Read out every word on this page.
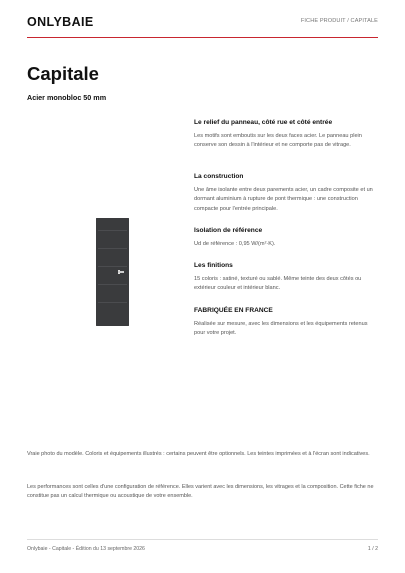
ONLYBAIE	FICHE PRODUIT / CAPITALE
Capitale
Acier monobloc 50 mm

Le relief du panneau, côté rue et côté entrée

Les motifs sont emboutis sur les deux faces acier. Le panneau plein conserve son dessin à l'intérieur et ne comporte pas de vitrage.

La construction

Une âme isolante entre deux parements acier, un cadre composite et un dormant aluminium à rupture de pont thermique : une construction compacte pour l'entrée principale.

Isolation de référence

Ud de référence : 0,95 W/(m²·K).

Les finitions

15 coloris : satiné, texturé ou sablé. Même teinte des deux côtés ou extérieur couleur et intérieur blanc.

FABRIQUÉE EN FRANCE

Réalisée sur mesure, avec les dimensions et les équipements retenus pour votre projet.

Vraie photo du modèle. Coloris et équipements illustrés : certains peuvent être optionnels. Les teintes imprimées et à l'écran sont indicatives.
Les performances sont celles d'une configuration de référence. Elles varient avec les dimensions, les vitrages et la composition. Cette fiche ne constitue pas un calcul thermique ou acoustique de votre ensemble.
Onlybaie - Capitale - Édition du 13 septembre 2026	1 / 2
